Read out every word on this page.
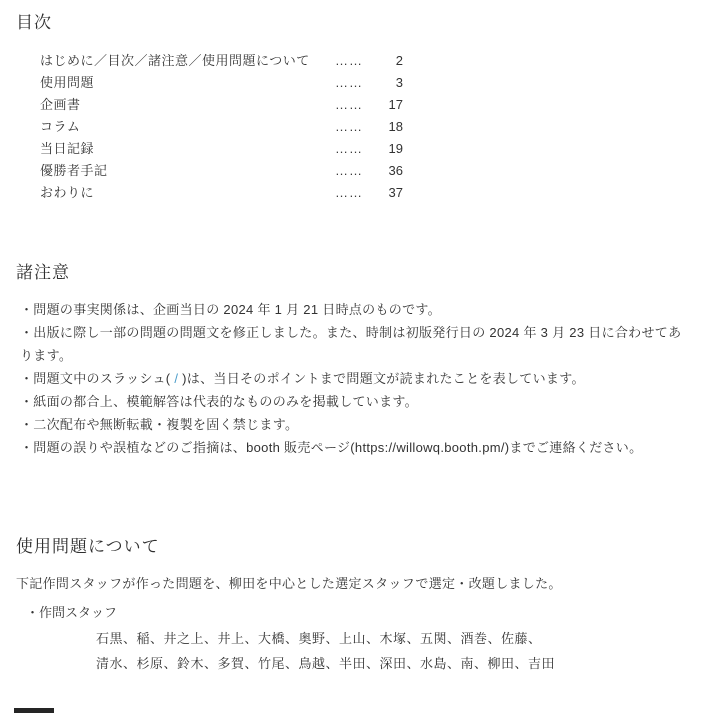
目次
はじめに／目次／諸注意／使用問題について	……	2
使用問題	……	3
企画書	……	17
コラム	……	18
当日記録	……	19
優勝者手記	……	36
おわりに	……	37
諸注意

・問題の事実関係は、企画当日の 2024 年 1 月 21 日時点のものです。

・出版に際し一部の問題の問題文を修正しました。また、時制は初版発行日の 2024 年 3 月 23 日に合わせてあります。

・問題文中のスラッシュ( / )は、当日そのポイントまで問題文が読まれたことを表しています。

・紙面の都合上、模範解答は代表的なもののみを掲載しています。

・二次配布や無断転載・複製を固く禁じます。

・問題の誤りや誤植などのご指摘は、booth 販売ページ(https://willowq.booth.pm/)までご連絡ください。

使用問題について

下記作問スタッフが作った問題を、柳田を中心とした選定スタッフで選定・改題しました。

・作問スタッフ

石黒、稲、井之上、井上、大橋、奥野、上山、木塚、五関、酒巻、佐藤、

清水、杉原、鈴木、多賀、竹尾、鳥越、半田、深田、水島、南、柳田、吉田
